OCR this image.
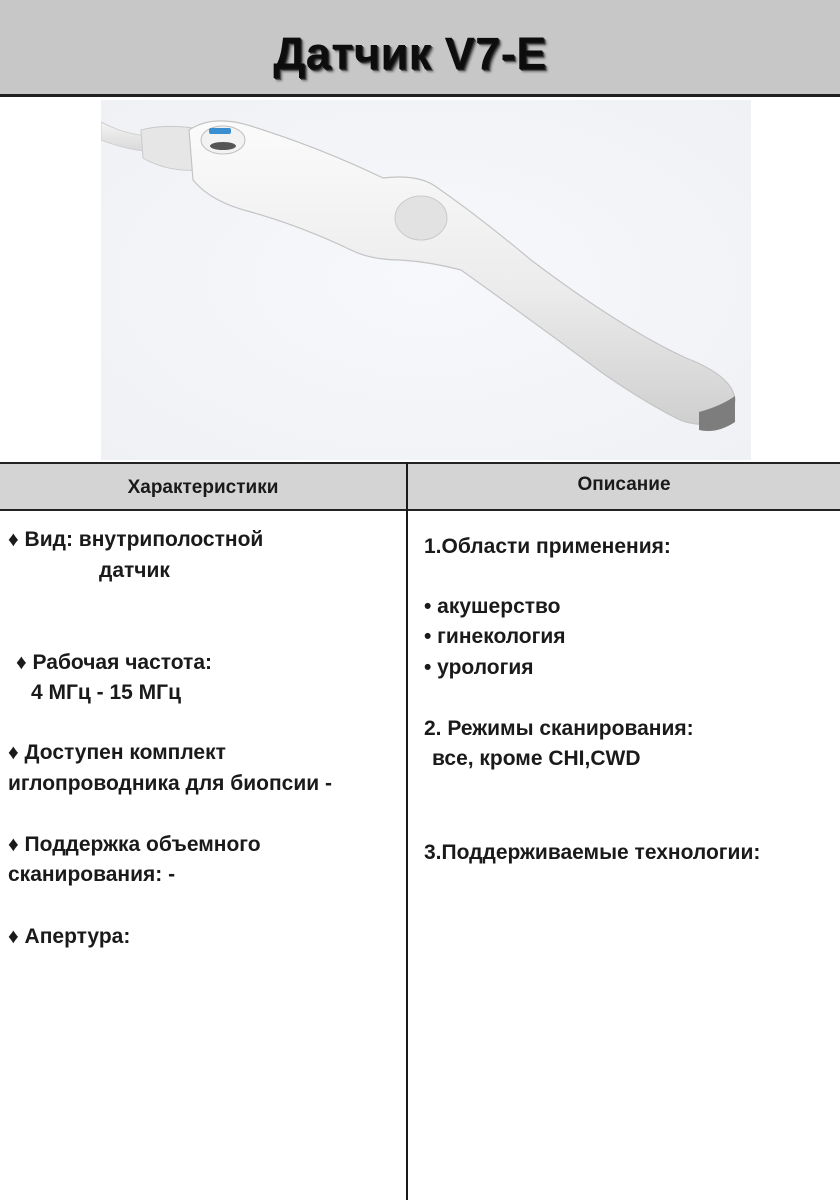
Датчик V7-E
Характеристики	Описание
♦ Вид: внутриполостной
датчик
♦ Рабочая частота:
4 МГц - 15 МГц
♦ Доступен комплект
иглопроводника для биопсии -
♦ Поддержка объемного
сканирования: -
♦ Апертура:
1.Области применения:
• акушерство
• гинекология
• урология
2. Режимы сканирования:
все, кроме CHI,CWD
3.Поддерживаемые технологии:
